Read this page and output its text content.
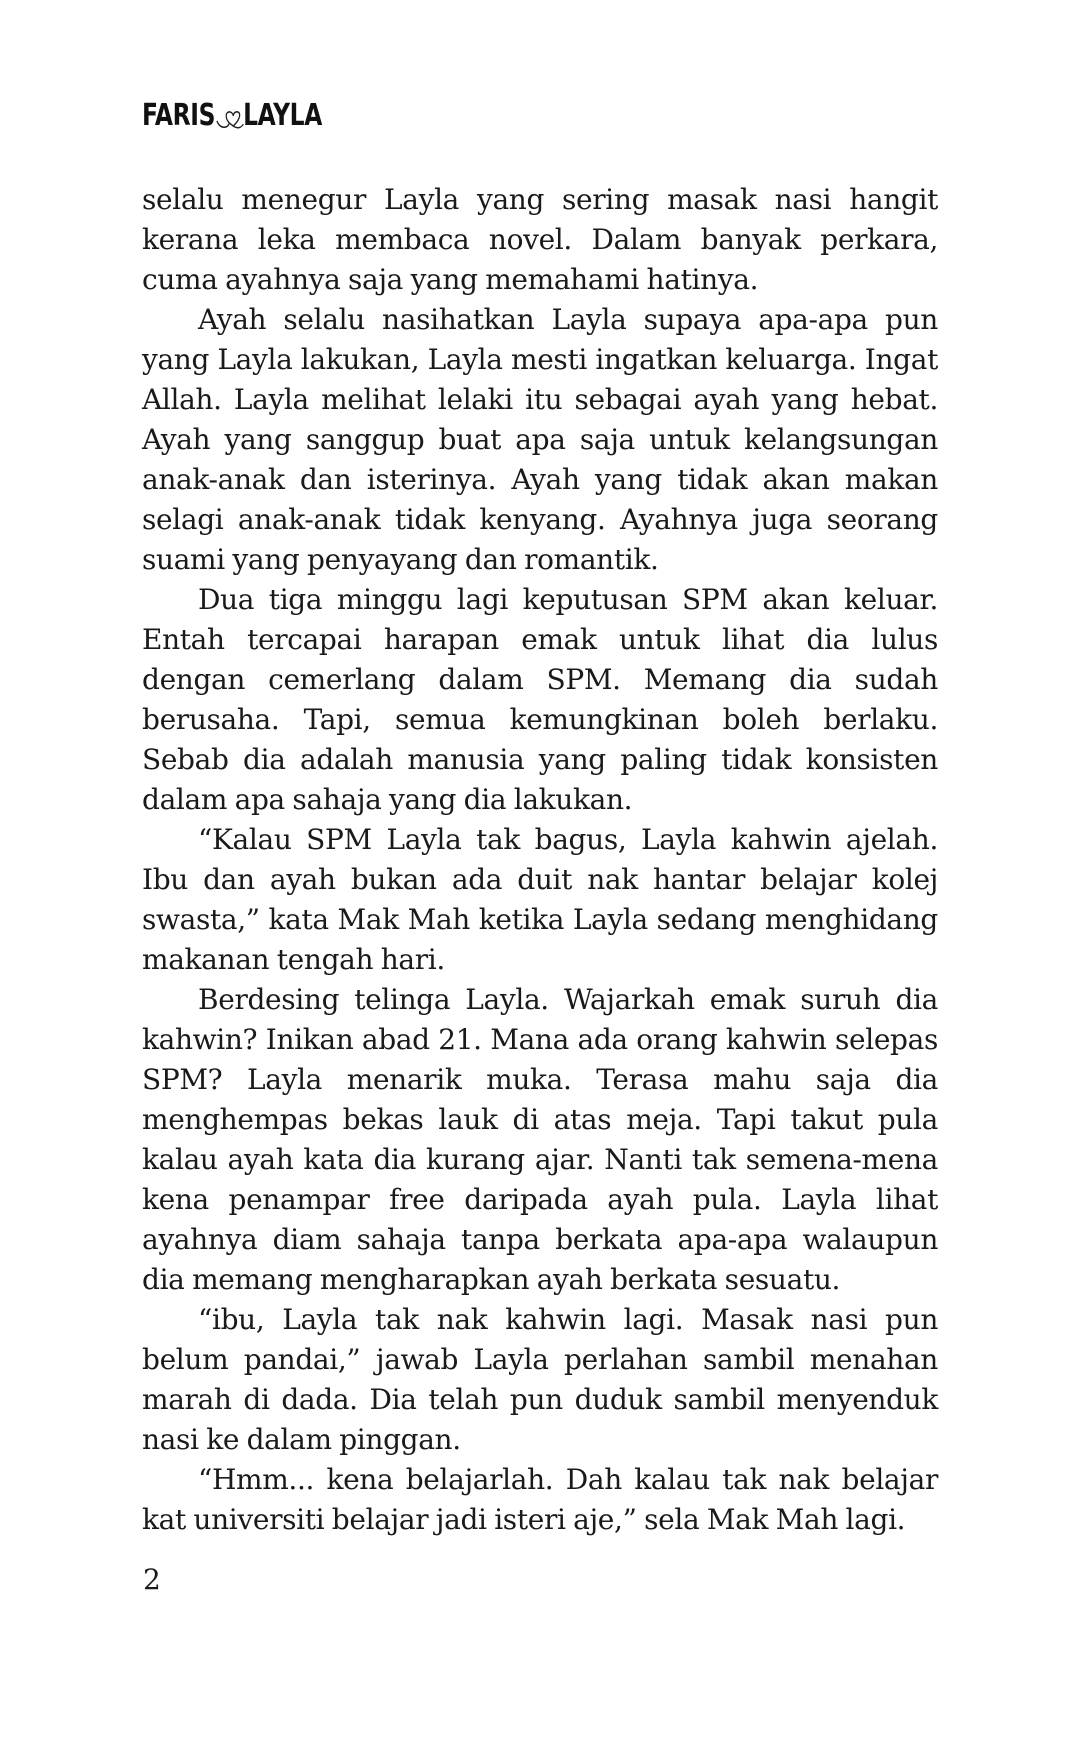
FARIS LAYLA

selalu menegur Layla yang sering masak nasi hangit kerana leka membaca novel. Dalam banyak perkara, cuma ayahnya saja yang memahami hatinya.

Ayah selalu nasihatkan Layla supaya apa-apa pun yang Layla lakukan, Layla mesti ingatkan keluarga. Ingat Allah. Layla melihat lelaki itu sebagai ayah yang hebat. Ayah yang sanggup buat apa saja untuk kelangsungan anak-anak dan isterinya. Ayah yang tidak akan makan selagi anak-anak tidak kenyang. Ayahnya juga seorang suami yang penyayang dan romantik.

Dua tiga minggu lagi keputusan SPM akan keluar. Entah tercapai harapan emak untuk lihat dia lulus dengan cemerlang dalam SPM. Memang dia sudah berusaha. Tapi, semua kemungkinan boleh berlaku. Sebab dia adalah manusia yang paling tidak konsisten dalam apa sahaja yang dia lakukan.

“Kalau SPM Layla tak bagus, Layla kahwin ajelah. Ibu dan ayah bukan ada duit nak hantar belajar kolej swasta,” kata Mak Mah ketika Layla sedang menghidang makanan tengah hari.

Berdesing telinga Layla. Wajarkah emak suruh dia kahwin? Inikan abad 21. Mana ada orang kahwin selepas SPM? Layla menarik muka. Terasa mahu saja dia menghempas bekas lauk di atas meja. Tapi takut pula kalau ayah kata dia kurang ajar. Nanti tak semena-mena kena penampar free daripada ayah pula. Layla lihat ayahnya diam sahaja tanpa berkata apa-apa walaupun dia memang mengharapkan ayah berkata sesuatu.

“ibu, Layla tak nak kahwin lagi. Masak nasi pun belum pandai,” jawab Layla perlahan sambil menahan marah di dada. Dia telah pun duduk sambil menyenduk nasi ke dalam pinggan.

“Hmm... kena belajarlah. Dah kalau tak nak belajar kat universiti belajar jadi isteri aje,” sela Mak Mah lagi.

2
